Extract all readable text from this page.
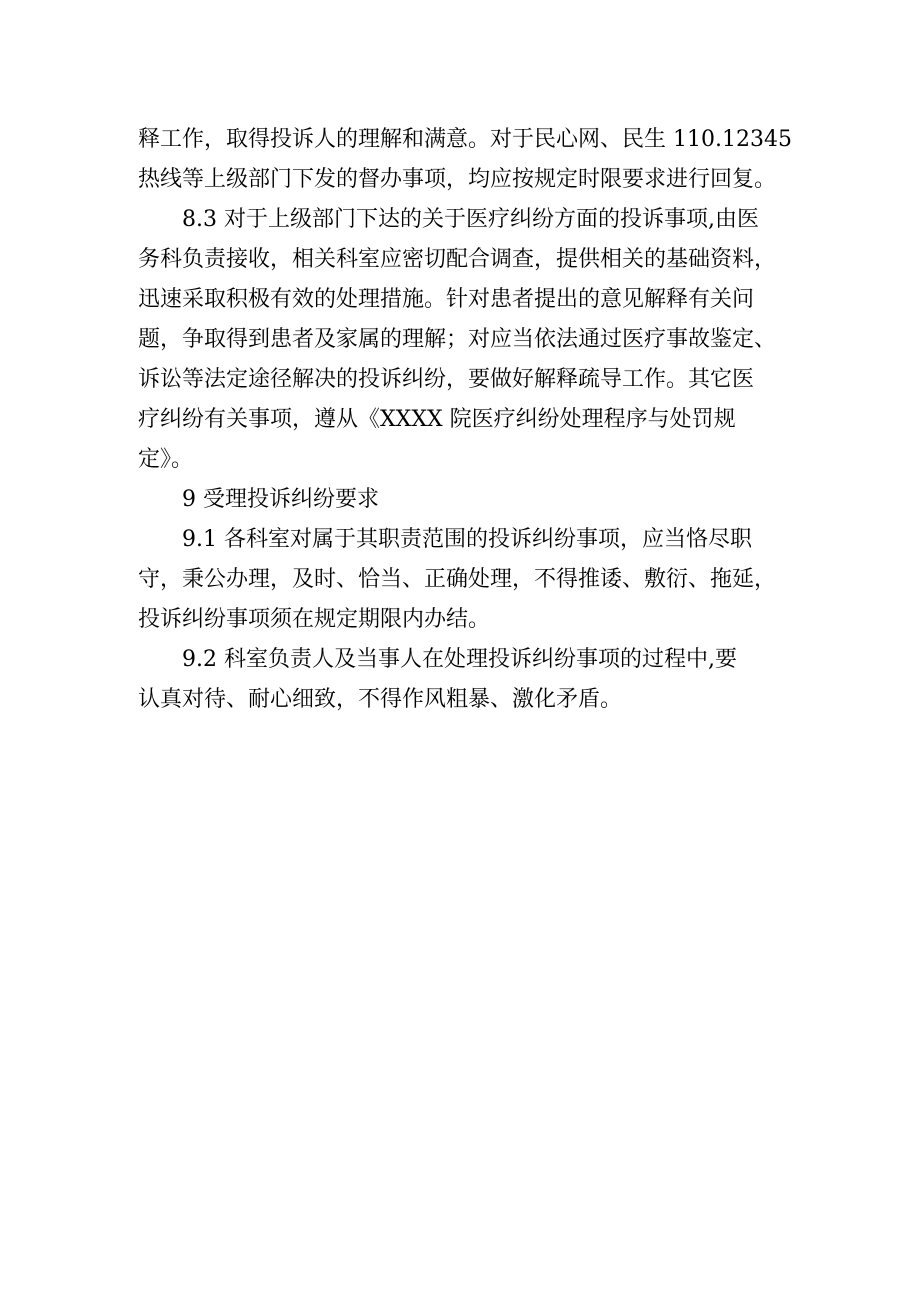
释工作，取得投诉人的理解和满意。对于民心网、民生 110.12345
热线等上级部门下发的督办事项，均应按规定时限要求进行回复。
8.3 对于上级部门下达的关于医疗纠纷方面的投诉事项,由医
务科负责接收，相关科室应密切配合调查，提供相关的基础资料，
迅速采取积极有效的处理措施。针对患者提出的意见解释有关问
题，争取得到患者及家属的理解；对应当依法通过医疗事故鉴定、
诉讼等法定途径解决的投诉纠纷，要做好解释疏导工作。其它医
疗纠纷有关事项，遵从《XXXX 院医疗纠纷处理程序与处罚规
定》。
9 受理投诉纠纷要求
9.1 各科室对属于其职责范围的投诉纠纷事项，应当恪尽职
守，秉公办理，及时、恰当、正确处理，不得推诿、敷衍、拖延，
投诉纠纷事项须在规定期限内办结。
9.2 科室负责人及当事人在处理投诉纠纷事项的过程中,要
认真对待、耐心细致，不得作风粗暴、激化矛盾。
